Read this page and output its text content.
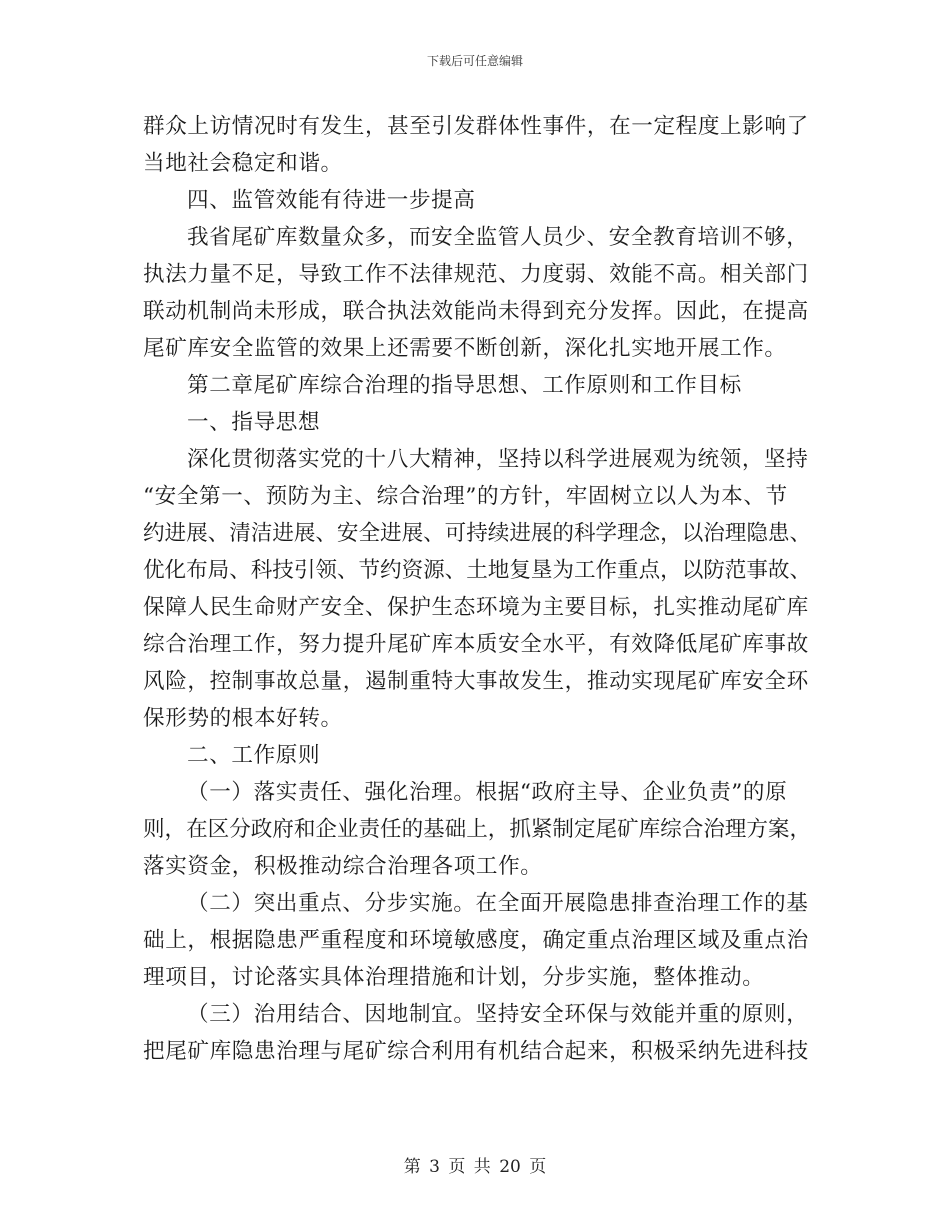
下载后可任意编辑
群众上访情况时有发生，甚至引发群体性事件，在一定程度上影响了
当地社会稳定和谐。
四、监管效能有待进一步提高
我省尾矿库数量众多，而安全监管人员少、安全教育培训不够，
执法力量不足，导致工作不法律规范、力度弱、效能不高。相关部门
联动机制尚未形成，联合执法效能尚未得到充分发挥。因此，在提高
尾矿库安全监管的效果上还需要不断创新，深化扎实地开展工作。
第二章尾矿库综合治理的指导思想、工作原则和工作目标
一、指导思想
深化贯彻落实党的十八大精神，坚持以科学进展观为统领，坚持
“安全第一、预防为主、综合治理”的方针，牢固树立以人为本、节
约进展、清洁进展、安全进展、可持续进展的科学理念，以治理隐患、
优化布局、科技引领、节约资源、土地复垦为工作重点，以防范事故、
保障人民生命财产安全、保护生态环境为主要目标，扎实推动尾矿库
综合治理工作，努力提升尾矿库本质安全水平，有效降低尾矿库事故
风险，控制事故总量，遏制重特大事故发生，推动实现尾矿库安全环
保形势的根本好转。
二、工作原则
（一）落实责任、强化治理。根据“政府主导、企业负责”的原
则，在区分政府和企业责任的基础上，抓紧制定尾矿库综合治理方案，
落实资金，积极推动综合治理各项工作。
（二）突出重点、分步实施。在全面开展隐患排查治理工作的基
础上，根据隐患严重程度和环境敏感度，确定重点治理区域及重点治
理项目，讨论落实具体治理措施和计划，分步实施，整体推动。
（三）治用结合、因地制宜。坚持安全环保与效能并重的原则，
把尾矿库隐患治理与尾矿综合利用有机结合起来，积极采纳先进科技
第 3 页 共 20 页
